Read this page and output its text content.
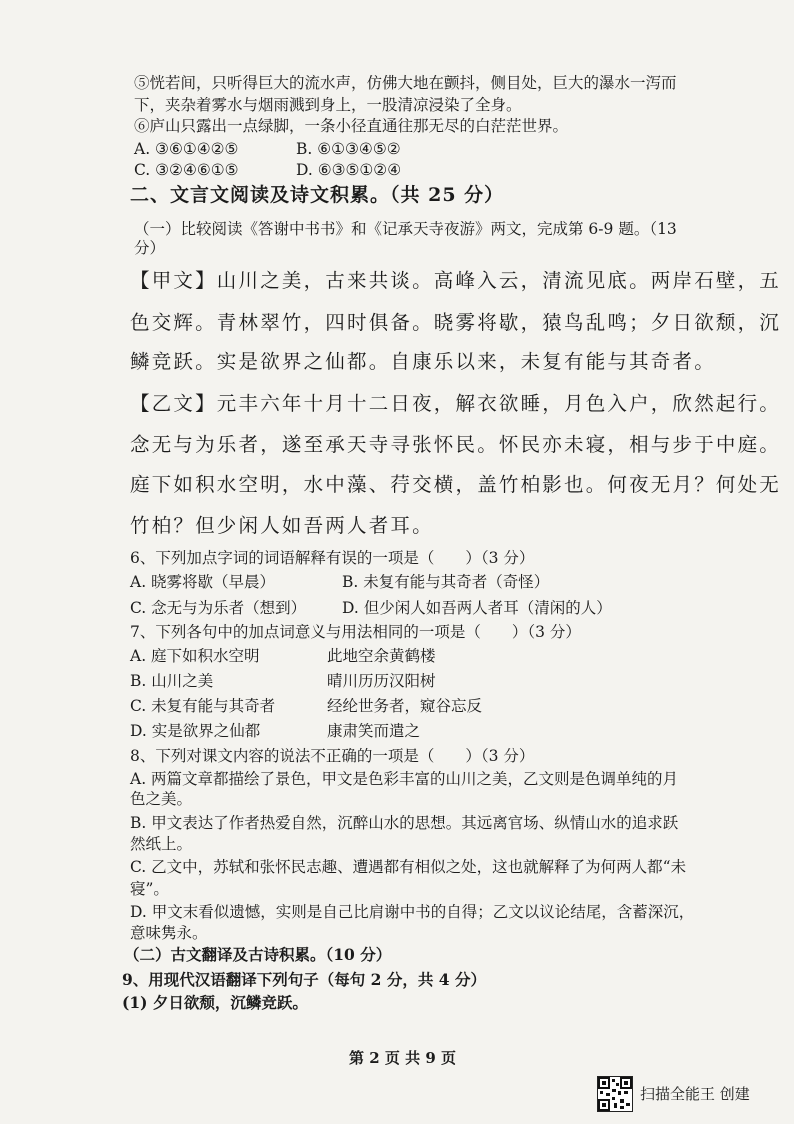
⑤恍若间，只听得巨大的流水声，仿佛大地在颤抖，侧目处，巨大的瀑水一泻而
下，夹杂着雾水与烟雨溅到身上，一股清凉浸染了全身。
⑥庐山只露出一点绿脚，一条小径直通往那无尽的白茫茫世界。
A. ③⑥①④②⑤	B. ⑥①③④⑤②
C. ③②④⑥①⑤	D. ⑥③⑤①②④
二、文言文阅读及诗文积累。（共 25 分）
（一）比较阅读《答谢中书书》和《记承天寺夜游》两文，完成第 6-9 题。（13
分）
【甲文】山川之美，古来共谈。高峰入云，清流见底。两岸石壁，五
色交辉。青林翠竹，四时俱备。晓雾将歇，猿鸟乱鸣；夕日欲颓，沉
鳞竞跃。实是欲界之仙都。自康乐以来，未复有能与其奇者。
【乙文】元丰六年十月十二日夜，解衣欲睡，月色入户，欣然起行。
念无与为乐者，遂至承天寺寻张怀民。怀民亦未寝，相与步于中庭。
庭下如积水空明，水中藻、荇交横，盖竹柏影也。何夜无月？何处无
竹柏？但少闲人如吾两人者耳。
6、下列加点字词的词语解释有误的一项是（　　）（3 分）
A. 晓雾将歇（早晨）	B. 未复有能与其奇者（奇怪）
C. 念无与为乐者（想到） D. 但少闲人如吾两人者耳（清闲的人）
7、下列各句中的加点词意义与用法相同的一项是（　　）（3 分）
A. 庭下如积水空明	此地空余黄鹤楼
B. 山川之美	晴川历历汉阳树
C. 未复有能与其奇者	经纶世务者，窥谷忘反
D. 实是欲界之仙都	康肃笑而遣之
8、下列对课文内容的说法不正确的一项是（　　）（3 分）
A. 两篇文章都描绘了景色，甲文是色彩丰富的山川之美，乙文则是色调单纯的月
色之美。
B. 甲文表达了作者热爱自然，沉醉山水的思想。其远离官场、纵情山水的追求跃
然纸上。
C. 乙文中，苏轼和张怀民志趣、遭遇都有相似之处，这也就解释了为何两人都“未
寝”。
D. 甲文末看似遗憾，实则是自己比肩谢中书的自得；乙文以议论结尾，含蓄深沉，
意味隽永。
（二）古文翻译及古诗积累。（10 分）
9、用现代汉语翻译下列句子（每句 2 分，共 4 分）
(1) 夕日欲颓，沉鳞竞跃。
第 2 页 共 9 页
扫描全能王 创建
